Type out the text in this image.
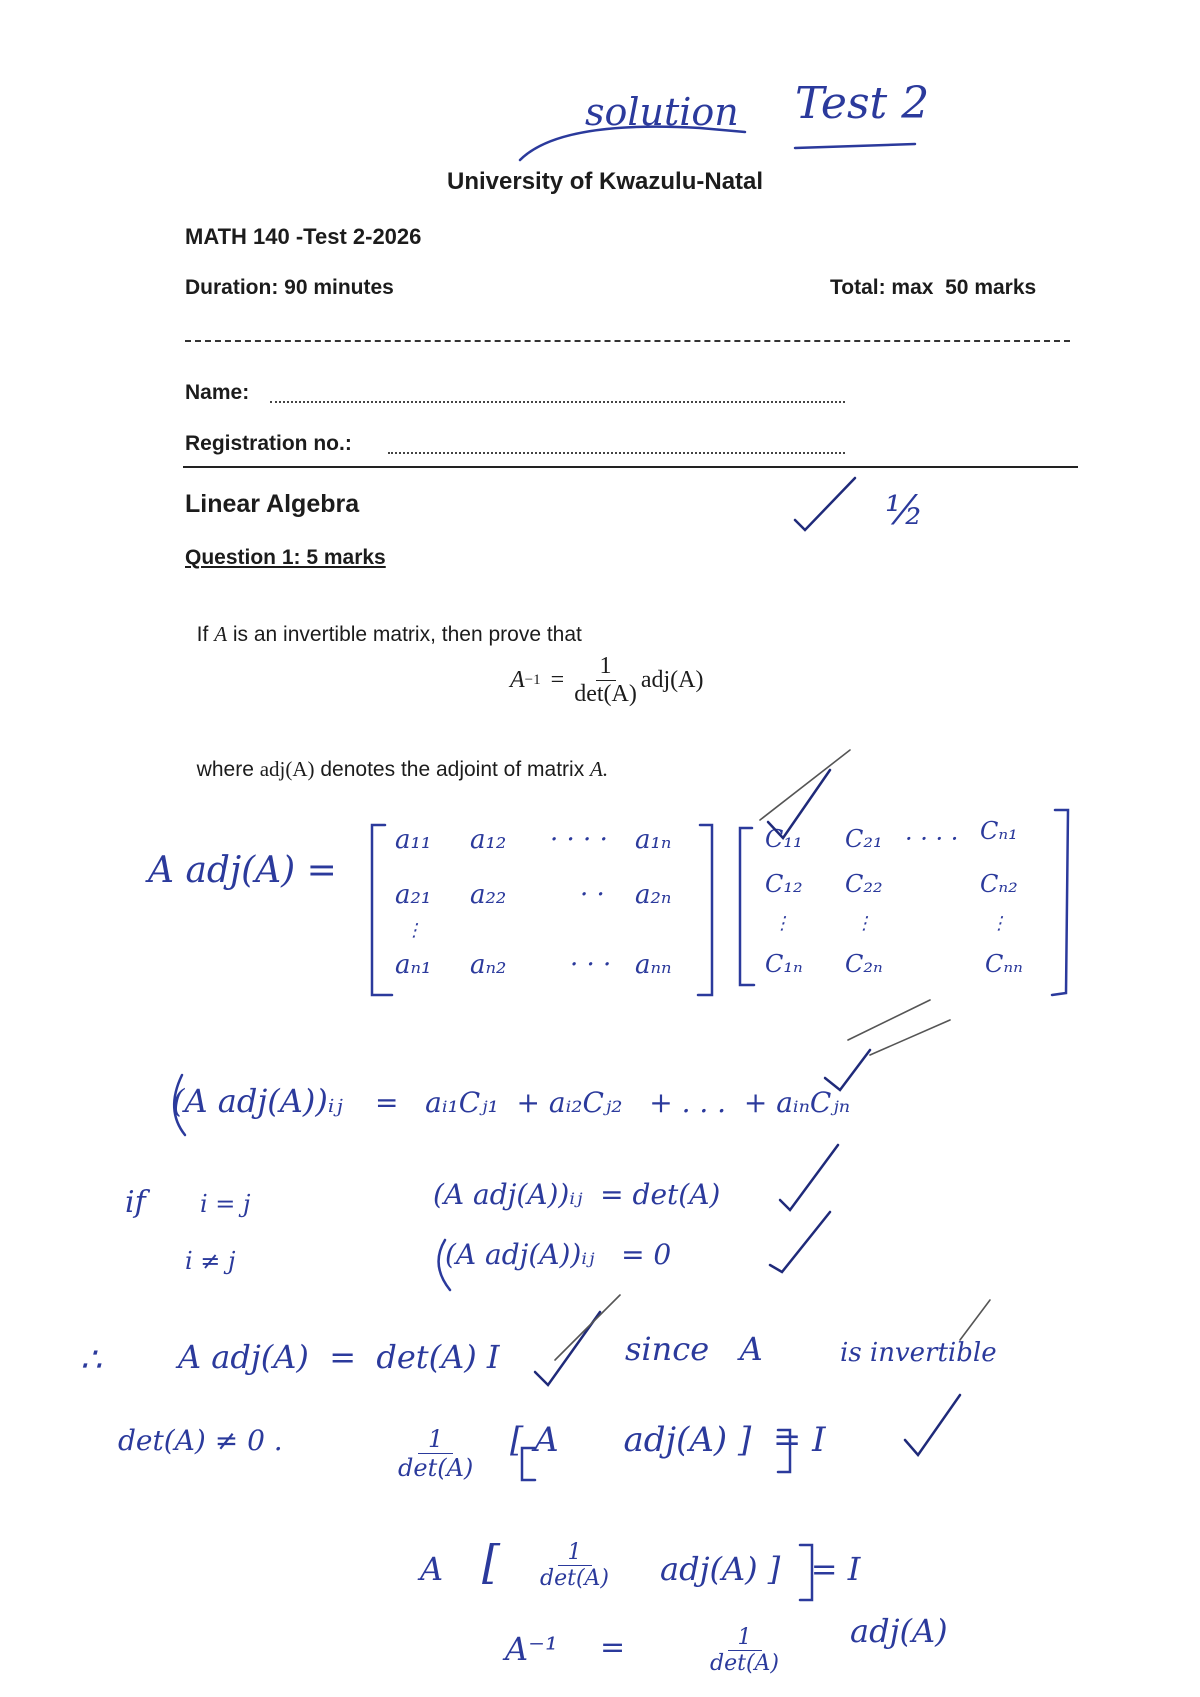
solution Test 2
University of Kwazulu-Natal
MATH 140 -Test 2-2026
Duration: 90 minutes	Total: max  50 marks
Name:
Registration no.:
Linear Algebra	½
Question 1: 5 marks

If A is an invertible matrix, then prove that

A −1 =
1
det(A)
adj(A)

where adj(A) denotes the adjoint of matrix A.

A adj(A) =
a₁₁ a₁₂ · · · · a₁ₙ
a₂₁ a₂₂	· · a₂ₙ
⋮
aₙ₁ aₙ₂ · · · aₙₙ
C₁₁ C₂₁ · · · · Cₙ₁
C₁₂ C₂₂	Cₙ₂
⋮	⋮	⋮
C₁ₙ C₂ₙ	Cₙₙ
(A adj(A))ᵢⱼ =   aᵢ₁Cⱼ₁  + aᵢ₂Cⱼ₂   + . . .  + aᵢₙCⱼₙ
if i = j
i ≠ j
(A adj(A))ᵢⱼ  = det(A)
(A adj(A))ᵢⱼ   = 0
∴ A adj(A)  =  det(A) I	since   A	is invertible
det(A) ≠ 0 .	1
det(A)
[ A      adj(A) ]  = I
A [	1
det(A) adj(A) ]   = I
A⁻¹ =	1
det(A)
adj(A)
